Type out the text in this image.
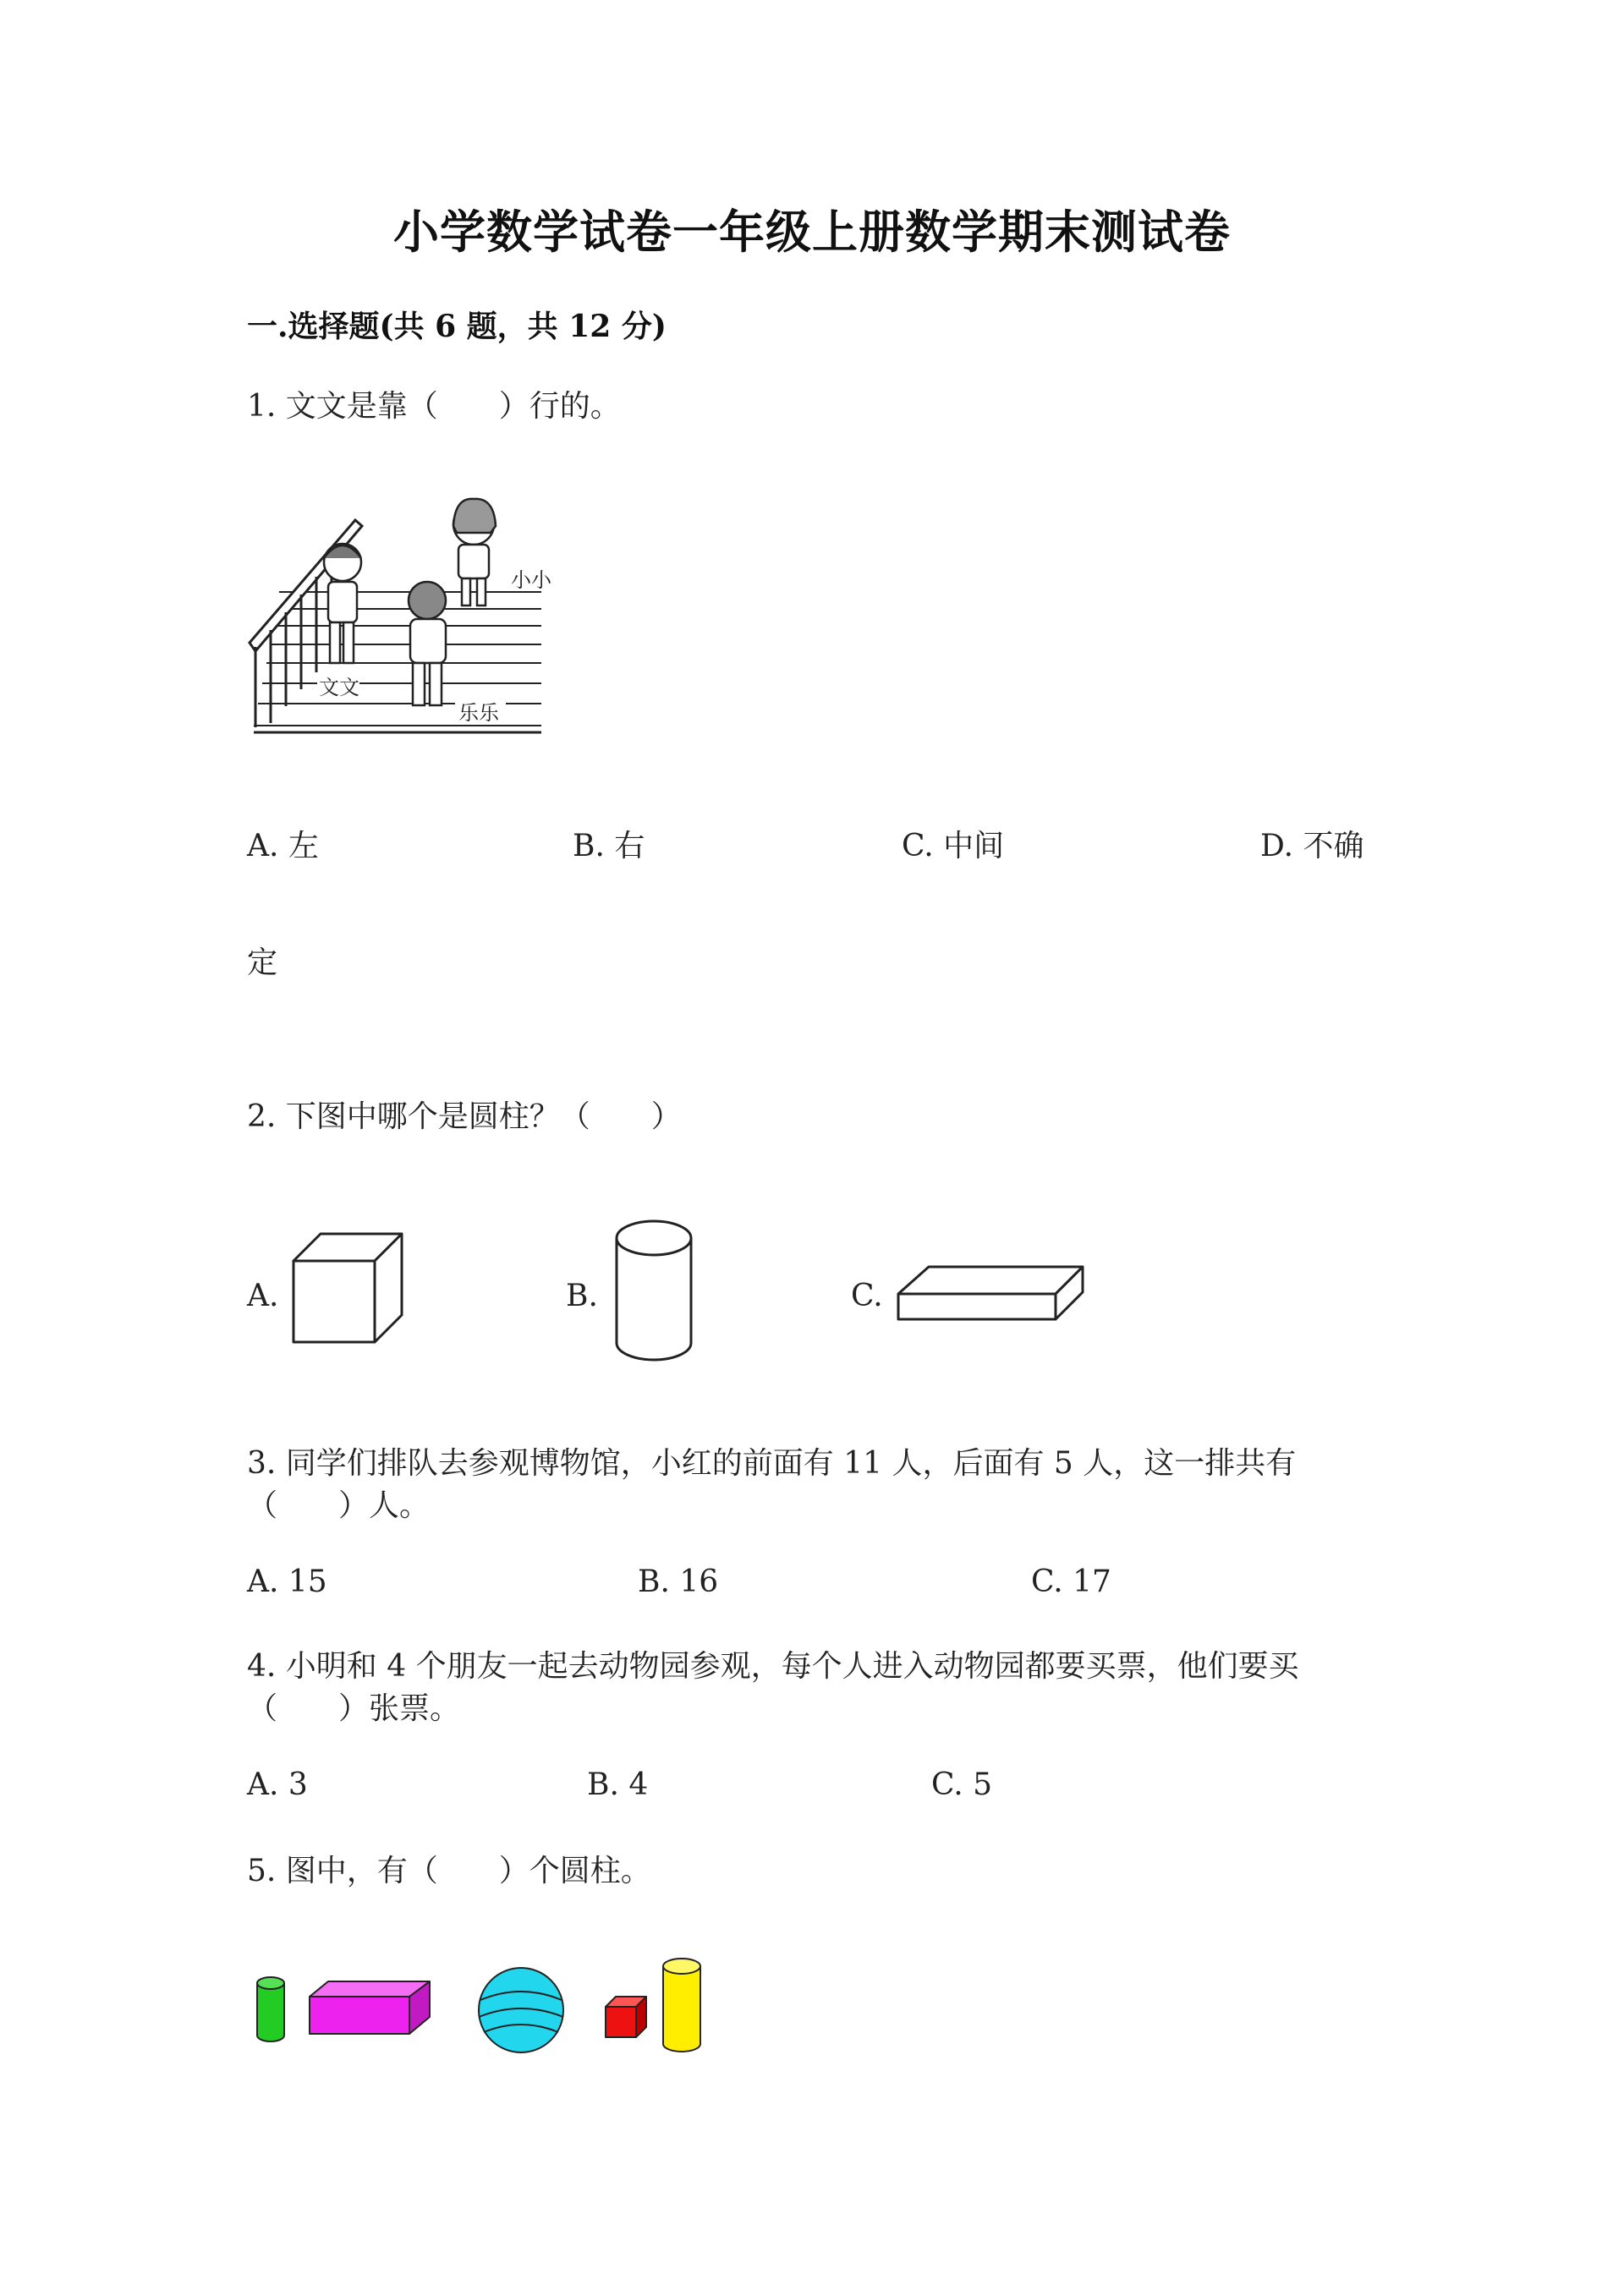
小学数学试卷一年级上册数学期末测试卷
一.选择题(共 6 题，共 12 分)
1. 文文是靠（　　）行的。
小小
文文
乐乐
A. 左	B. 右	C. 中间	D. 不确
定
2. 下图中哪个是圆柱？（　　）
A.	B.	C.
3. 同学们排队去参观博物馆，小红的前面有 11 人，后面有 5 人，这一排共有
（　　）人。
A. 15	B. 16	C. 17
4. 小明和 4 个朋友一起去动物园参观，每个人进入动物园都要买票，他们要买
（　　）张票。
A. 3	B. 4	C. 5
5. 图中，有（　　）个圆柱。
